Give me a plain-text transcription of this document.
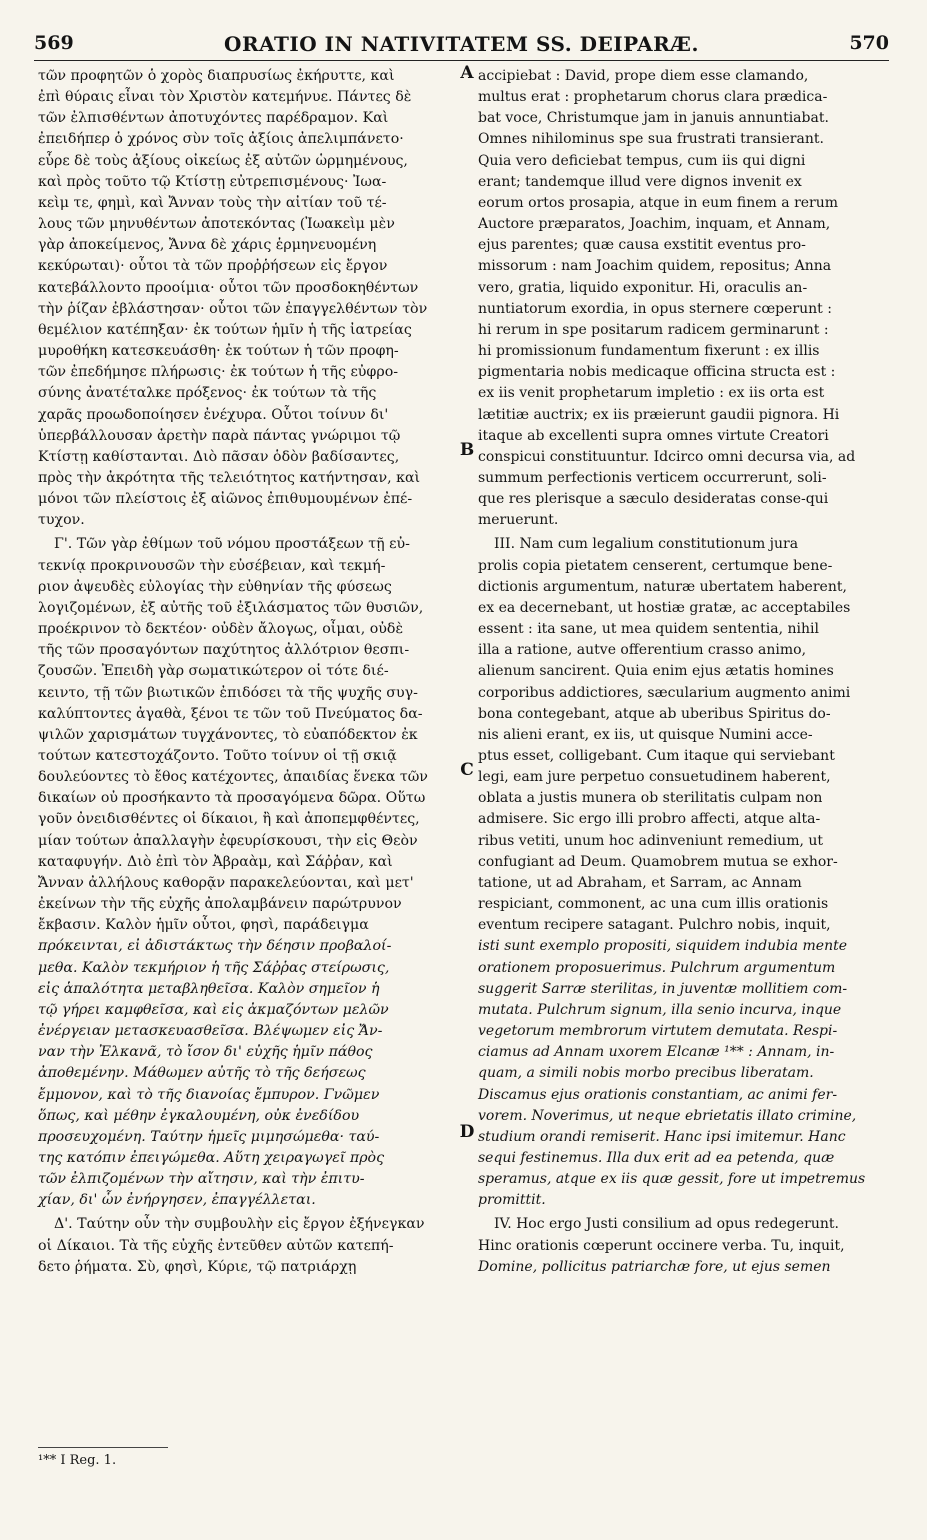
569	ORATIO IN NATIVITATEM SS. DEIPARÆ.	570

τῶν προφητῶν ὁ χορὸς διαπρυσίως ἐκήρυττε, καὶ

ἐπὶ θύραις εἶναι τὸν Χριστὸν κατεμήνυε. Πάντες δὲ

τῶν ἐλπισθέντων ἀποτυχόντες παρέδραμον. Καὶ

ἐπειδήπερ ὁ χρόνος σὺν τοῖς ἀξίοις ἀπελιμπάνετο·

εὗρε δὲ τοὺς ἀξίους οἰκείως ἐξ αὐτῶν ὡρμημένους,

καὶ πρὸς τοῦτο τῷ Κτίστῃ εὐτρεπισμένους· Ἰωα-

κεὶμ τε, φημὶ, καὶ Ἄνναν τοὺς τὴν αἰτίαν τοῦ τέ-

λους τῶν μηνυθέντων ἀποτεκόντας (Ἰωακεὶμ μὲν

γὰρ ἀποκείμενος, Ἄννα δὲ χάρις ἑρμηνευομένη

κεκύρωται)· οὗτοι τὰ τῶν προῤῥήσεων εἰς ἔργον

κατεβάλλοντο προοίμια· οὗτοι τῶν προσδοκηθέντων

τὴν ῥίζαν ἐβλάστησαν· οὗτοι τῶν ἐπαγγελθέντων τὸν

θεμέλιον κατέπηξαν· ἐκ τούτων ἡμῖν ἡ τῆς ἰατρείας

μυροθήκη κατεσκευάσθη· ἐκ τούτων ἡ τῶν προφη-

τῶν ἐπεδήμησε πλήρωσις· ἐκ τούτων ἡ τῆς εὐφρο-

σύνης ἀνατέταλκε πρόξενος· ἐκ τούτων τὰ τῆς

χαρᾶς προωδοποίησεν ἐνέχυρα. Οὗτοι τοίνυν δι'

ὑπερβάλλουσαν ἀρετὴν παρὰ πάντας γνώριμοι τῷ

Κτίστῃ καθίστανται. Διὸ πᾶσαν ὁδὸν βαδίσαντες,

πρὸς τὴν ἀκρότητα τῆς τελειότητος κατήντησαν, καὶ

μόνοι τῶν πλείστοις ἐξ αἰῶνος ἐπιθυμουμένων ἐπέ-

τυχον.

Γ'. Τῶν γὰρ ἐθίμων τοῦ νόμου προστάξεων τῇ εὐ-

τεκνίᾳ προκρινουσῶν τὴν εὐσέβειαν, καὶ τεκμή-

ριον ἀψευδὲς εὐλογίας τὴν εὐθηνίαν τῆς φύσεως

λογιζομένων, ἐξ αὐτῆς τοῦ ἐξιλάσματος τῶν θυσιῶν,

προέκρινον τὸ δεκτέον· οὐδὲν ἄλογως, οἶμαι, οὐδὲ

τῆς τῶν προσαγόντων παχύτητος ἀλλότριον θεσπι-

ζουσῶν. Ἐπειδὴ γὰρ σωματικώτερον οἱ τότε διέ-

κειντο, τῇ τῶν βιωτικῶν ἐπιδόσει τὰ τῆς ψυχῆς συγ-

καλύπτοντες ἀγαθὰ, ξένοι τε τῶν τοῦ Πνεύματος δα-

ψιλῶν χαρισμάτων τυγχάνοντες, τὸ εὐαπόδεκτον ἐκ

τούτων κατεστοχάζοντο. Τοῦτο τοίνυν οἱ τῇ σκιᾷ

δουλεύοντες τὸ ἔθος κατέχοντες, ἀπαιδίας ἕνεκα τῶν

δικαίων οὐ προσήκαντο τὰ προσαγόμενα δῶρα. Οὕτω

γοῦν ὀνειδισθέντες οἱ δίκαιοι, ἢ καὶ ἀποπεμφθέντες,

μίαν τούτων ἀπαλλαγὴν ἐφευρίσκουσι, τὴν εἰς Θεὸν

καταφυγήν. Διὸ ἐπὶ τὸν Ἀβραὰμ, καὶ Σάῤῥαν, καὶ

Ἄνναν ἀλλήλους καθορᾷν παρακελεύονται, καὶ μετ'

ἐκείνων τὴν τῆς εὐχῆς ἀπολαμβάνειν παρώτρυνον

ἔκβασιν. Καλὸν ἡμῖν οὗτοι, φησὶ, παράδειγμα

πρόκεινται, εἰ ἀδιστάκτως τὴν δέησιν προβαλοί-

μεθα. Καλὸν τεκμήριον ἡ τῆς Σάῤῥας στείρωσις,

εἰς ἁπαλότητα μεταβληθεῖσα. Καλὸν σημεῖον ἡ

τῷ γήρει καμφθεῖσα, καὶ εἰς ἀκμαζόντων μελῶν

ἐνέργειαν μετασκευασθεῖσα. Βλέψωμεν εἰς Ἄν-

ναν τὴν Ἐλκανᾶ, τὸ ἴσον δι' εὐχῆς ἡμῖν πάθος

ἀποθεμένην. Μάθωμεν αὐτῆς τὸ τῆς δεήσεως

ἔμμονον, καὶ τὸ τῆς διανοίας ἔμπυρον. Γνῶμεν

ὅπως, καὶ μέθην ἐγκαλουμένη, οὐκ ἐνεδίδου

προσευχομένη. Ταύτην ἡμεῖς μιμησώμεθα· ταύ-

της κατόπιν ἐπειγώμεθα. Αὕτη χειραγωγεῖ πρὸς

τῶν ἐλπιζομένων τὴν αἴτησιν, καὶ τὴν ἐπιτυ-

χίαν, δι' ὧν ἐνήργησεν, ἐπαγγέλλεται.

Δ'. Ταύτην οὖν τὴν συμβουλὴν εἰς ἔργον ἐξήνεγκαν

οἱ Δίκαιοι. Τὰ τῆς εὐχῆς ἐντεῦθεν αὐτῶν κατεπή-

δετο ῥήματα. Σὺ, φησὶ, Κύριε, τῷ πατριάρχῃ

accipiebat : David, prope diem esse clamando,

multus erat : prophetarum chorus clara prædica-

bat voce, Christumque jam in januis annuntiabat.

Omnes nihilominus spe sua frustrati transierant.

Quia vero deficiebat tempus, cum iis qui digni

erant; tandemque illud vere dignos invenit ex

eorum ortos prosapia, atque in eum finem a rerum

Auctore præparatos, Joachim, inquam, et Annam,

ejus parentes; quæ causa exstitit eventus pro-

missorum : nam Joachim quidem, repositus; Anna

vero, gratia, liquido exponitur. Hi, oraculis an-

nuntiatorum exordia, in opus sternere cœperunt :

hi rerum in spe positarum radicem germinarunt :

hi promissionum fundamentum fixerunt : ex illis

pigmentaria nobis medicaque officina structa est :

ex iis venit prophetarum impletio : ex iis orta est

lætitiæ auctrix; ex iis præierunt gaudii pignora. Hi

itaque ab excellenti supra omnes virtute Creatori

conspicui constituuntur. Idcirco omni decursa via, ad

summum perfectionis verticem occurrerunt, soli-

que res plerisque a sæculo desideratas conse-qui

meruerunt.

III. Nam cum legalium constitutionum jura

prolis copia pietatem censerent, certumque bene-

dictionis argumentum, naturæ ubertatem haberent,

ex ea decernebant, ut hostiæ gratæ, ac acceptabiles

essent : ita sane, ut mea quidem sententia, nihil

illa a ratione, autve offerentium crasso animo,

alienum sancirent. Quia enim ejus ætatis homines

corporibus addictiores, sæcularium augmento animi

bona contegebant, atque ab uberibus Spiritus do-

nis alieni erant, ex iis, ut quisque Numini acce-

ptus esset, colligebant. Cum itaque qui serviebant

legi, eam jure perpetuo consuetudinem haberent,

oblata a justis munera ob sterilitatis culpam non

admisere. Sic ergo illi probro affecti, atque alta-

ribus vetiti, unum hoc adinveniunt remedium, ut

confugiant ad Deum. Quamobrem mutua se exhor-

tatione, ut ad Abraham, et Sarram, ac Annam

respiciant, commonent, ac una cum illis orationis

eventum recipere satagant. Pulchro nobis, inquit,

isti sunt exemplo propositi, siquidem indubia mente

orationem proposuerimus. Pulchrum argumentum

suggerit Sarræ sterilitas, in juventæ mollitiem com-

mutata. Pulchrum signum, illa senio incurva, inque

vegetorum membrorum virtutem demutata. Respi-

ciamus ad Annam uxorem Elcanæ ¹** : Annam, in-

quam, a simili nobis morbo precibus liberatam.

Discamus ejus orationis constantiam, ac animi fer-

vorem. Noverimus, ut neque ebrietatis illato crimine,

studium orandi remiserit. Hanc ipsi imitemur. Hanc

sequi festinemus. Illa dux erit ad ea petenda, quæ

speramus, atque ex iis quæ gessit, fore ut impetremus

promittit.

IV. Hoc ergo Justi consilium ad opus redegerunt.

Hinc orationis cœperunt occinere verba. Tu, inquit,

Domine, pollicitus patriarchæ fore, ut ejus semen

A
B
C
D
¹** I Reg. 1.
